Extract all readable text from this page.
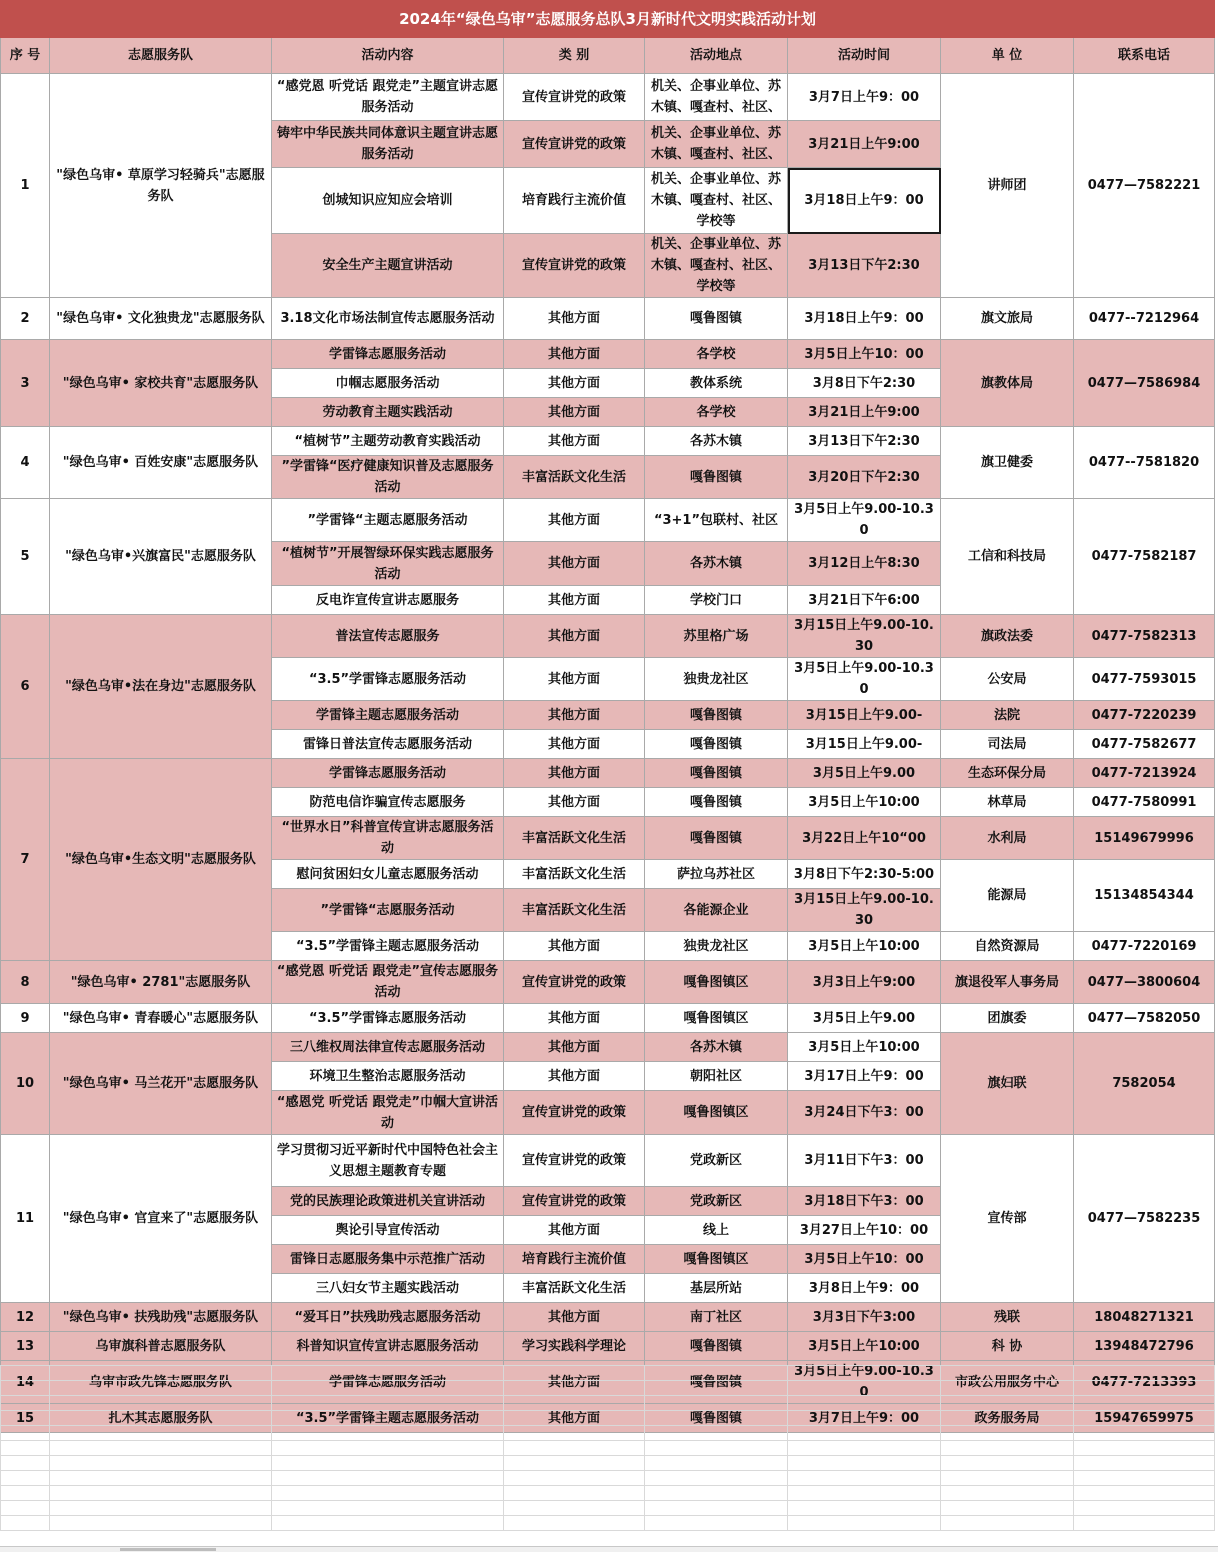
2024年“绿色乌审”志愿服务总队3月新时代文明实践活动计划							
序 号	志愿服务队	活动内容	类 别	活动地点	活动时间	单 位	联系电话
1	"绿色乌审• 草原学习轻骑兵"志愿服务队	“感党恩 听党话 跟党走”主题宣讲志愿服务活动	宣传宣讲党的政策	机关、企事业单位、苏木镇、嘎查村、社区、	3月7日上午9：00	讲师团	0477—7582221
		铸牢中华民族共同体意识主题宣讲志愿服务活动	宣传宣讲党的政策	机关、企事业单位、苏木镇、嘎查村、社区、	3月21日上午9:00		
		创城知识应知应会培训	培育践行主流价值	机关、企事业单位、苏木镇、嘎查村、社区、学校等	3月18日上午9：00		
		安全生产主题宣讲活动	宣传宣讲党的政策	机关、企事业单位、苏木镇、嘎查村、社区、学校等	3月13日下午2:30		
2	"绿色乌审• 文化独贵龙"志愿服务队	3.18文化市场法制宣传志愿服务活动	其他方面	嘎鲁图镇	3月18日上午9：00	旗文旅局	0477--7212964
3	"绿色乌审• 家校共育"志愿服务队	学雷锋志愿服务活动	其他方面	各学校	3月5日上午10：00	旗教体局	0477—7586984
		巾帼志愿服务活动	其他方面	教体系统	3月8日下午2:30		
		劳动教育主题实践活动	其他方面	各学校	3月21日上午9:00		
4	"绿色乌审• 百姓安康"志愿服务队	“植树节”主题劳动教育实践活动	其他方面	各苏木镇	3月13日下午2:30	旗卫健委	0477--7581820
		”学雷锋“医疗健康知识普及志愿服务活动	丰富活跃文化生活	嘎鲁图镇	3月20日下午2:30		
5	"绿色乌审•兴旗富民"志愿服务队	”学雷锋“主题志愿服务活动	其他方面	“3+1”包联村、社区	3月5日上午9.00-10.30	工信和科技局	0477-7582187
		“植树节”开展智绿环保实践志愿服务活动	其他方面	各苏木镇	3月12日上午8:30		
		反电诈宣传宣讲志愿服务	其他方面	学校门口	3月21日下午6:00		
6	"绿色乌审•法在身边"志愿服务队	普法宣传志愿服务	其他方面	苏里格广场	3月15日上午9.00-10.30	旗政法委	0477-7582313
		“3.5”学雷锋志愿服务活动	其他方面	独贵龙社区	3月5日上午9.00-10.30	公安局	0477-7593015
		学雷锋主题志愿服务活动	其他方面	嘎鲁图镇	3月15日上午9.00-	法院	0477-7220239
		雷锋日普法宣传志愿服务活动	其他方面	嘎鲁图镇	3月15日上午9.00-	司法局	0477-7582677
7	"绿色乌审•生态文明"志愿服务队	学雷锋志愿服务活动	其他方面	嘎鲁图镇	3月5日上午9.00	生态环保分局	0477-7213924
		防范电信诈骗宣传志愿服务	其他方面	嘎鲁图镇	3月5日上午10:00	林草局	0477-7580991
		“世界水日”科普宣传宣讲志愿服务活动	丰富活跃文化生活	嘎鲁图镇	3月22日上午10“00	水利局	15149679996
		慰问贫困妇女儿童志愿服务活动	丰富活跃文化生活	萨拉乌苏社区	3月8日下午2:30-5:00	能源局	15134854344
		”学雷锋“志愿服务活动	丰富活跃文化生活	各能源企业	3月15日上午9.00-10.30		
		“3.5”学雷锋主题志愿服务活动	其他方面	独贵龙社区	3月5日上午10:00	自然资源局	0477-7220169
8	"绿色乌审• 2781"志愿服务队	“感党恩 听党话 跟党走”宣传志愿服务活动	宣传宣讲党的政策	嘎鲁图镇区	3月3日上午9:00	旗退役军人事务局	0477—3800604
9	"绿色乌审• 青春暖心"志愿服务队	“3.5”学雷锋志愿服务活动	其他方面	嘎鲁图镇区	3月5日上午9.00	团旗委	0477—7582050
10	"绿色乌审• 马兰花开"志愿服务队	三八维权周法律宣传志愿服务活动	其他方面	各苏木镇	3月5日上午10:00	旗妇联	7582054
		环境卫生整治志愿服务活动	其他方面	朝阳社区	3月17日上午9：00		
		“感恩党 听党话 跟党走”巾帼大宣讲活动	宣传宣讲党的政策	嘎鲁图镇区	3月24日下午3：00		
11	"绿色乌审• 官宣来了"志愿服务队	学习贯彻习近平新时代中国特色社会主义思想主题教育专题	宣传宣讲党的政策	党政新区	3月11日下午3：00	宣传部	0477—7582235
		党的民族理论政策进机关宣讲活动	宣传宣讲党的政策	党政新区	3月18日下午3：00		
		舆论引导宣传活动	其他方面	线上	3月27日上午10：00		
		雷锋日志愿服务集中示范推广活动	培育践行主流价值	嘎鲁图镇区	3月5日上午10：00		
		三八妇女节主题实践活动	丰富活跃文化生活	基层所站	3月8日上午9：00		
12	"绿色乌审• 扶残助残"志愿服务队	“爱耳日”扶残助残志愿服务活动	其他方面	南丁社区	3月3日下午3:00	残联	18048271321
13	乌审旗科普志愿服务队	科普知识宣传宣讲志愿服务活动	学习实践科学理论	嘎鲁图镇	3月5日上午10:00	科 协	13948472796
14	乌审市政先锋志愿服务队	学雷锋志愿服务活动	其他方面	嘎鲁图镇	3月5日上午9.00-10.30	市政公用服务中心	0477-7213393
15	扎木其志愿服务队	“3.5”学雷锋主题志愿服务活动	其他方面	嘎鲁图镇	3月7日上午9：00	政务服务局	15947659975
